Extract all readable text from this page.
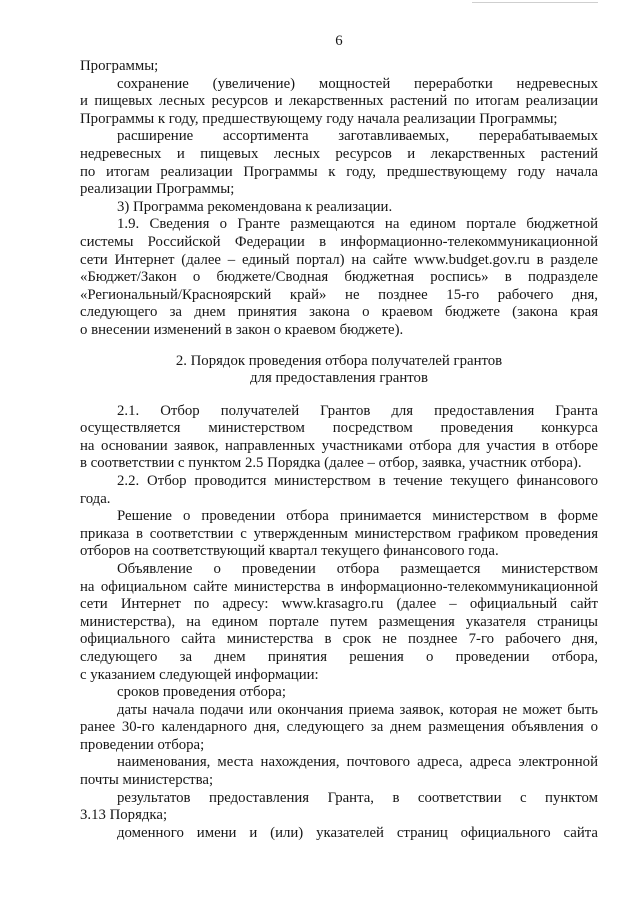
6
Программы;
сохранение (увеличение) мощностей переработки недревесных
и пищевых лесных ресурсов и лекарственных растений по итогам реализации
Программы к году, предшествующему году начала реализации Программы;
расширение ассортимента заготавливаемых, перерабатываемых
недревесных и пищевых лесных ресурсов и лекарственных растений
по итогам реализации Программы к году, предшествующему году начала
реализации Программы;
3) Программа рекомендована к реализации.
1.9. Сведения о Гранте размещаются на едином портале бюджетной
системы Российской Федерации в информационно-телекоммуникационной
сети Интернет (далее – единый портал) на сайте www.budget.gov.ru в разделе
«Бюджет/Закон о бюджете/Сводная бюджетная роспись» в подразделе
«Региональный/Красноярский край» не позднее 15-го рабочего дня,
следующего за днем принятия закона о краевом бюджете (закона края
о внесении изменений в закон о краевом бюджете).
2. Порядок проведения отбора получателей грантов
для предоставления грантов
2.1. Отбор получателей Грантов для предоставления Гранта
осуществляется министерством посредством проведения конкурса
на основании заявок, направленных участниками отбора для участия в отборе
в соответствии с пунктом 2.5 Порядка (далее – отбор, заявка, участник отбора).
2.2. Отбор проводится министерством в течение текущего финансового
года.
Решение о проведении отбора принимается министерством в форме
приказа в соответствии с утвержденным министерством графиком проведения
отборов на соответствующий квартал текущего финансового года.
Объявление о проведении отбора размещается министерством
на официальном сайте министерства в информационно-телекоммуникационной
сети Интернет по адресу: www.krasagro.ru (далее – официальный сайт
министерства), на едином портале путем размещения указателя страницы
официального сайта министерства в срок не позднее 7-го рабочего дня,
следующего за днем принятия решения о проведении отбора,
с указанием следующей информации:
сроков проведения отбора;
даты начала подачи или окончания приема заявок, которая не может быть
ранее 30-го календарного дня, следующего за днем размещения объявления о
проведении отбора;
наименования, места нахождения, почтового адреса, адреса электронной
почты министерства;
результатов предоставления Гранта, в соответствии с пунктом
3.13 Порядка;
доменного имени и (или) указателей страниц официального сайта
